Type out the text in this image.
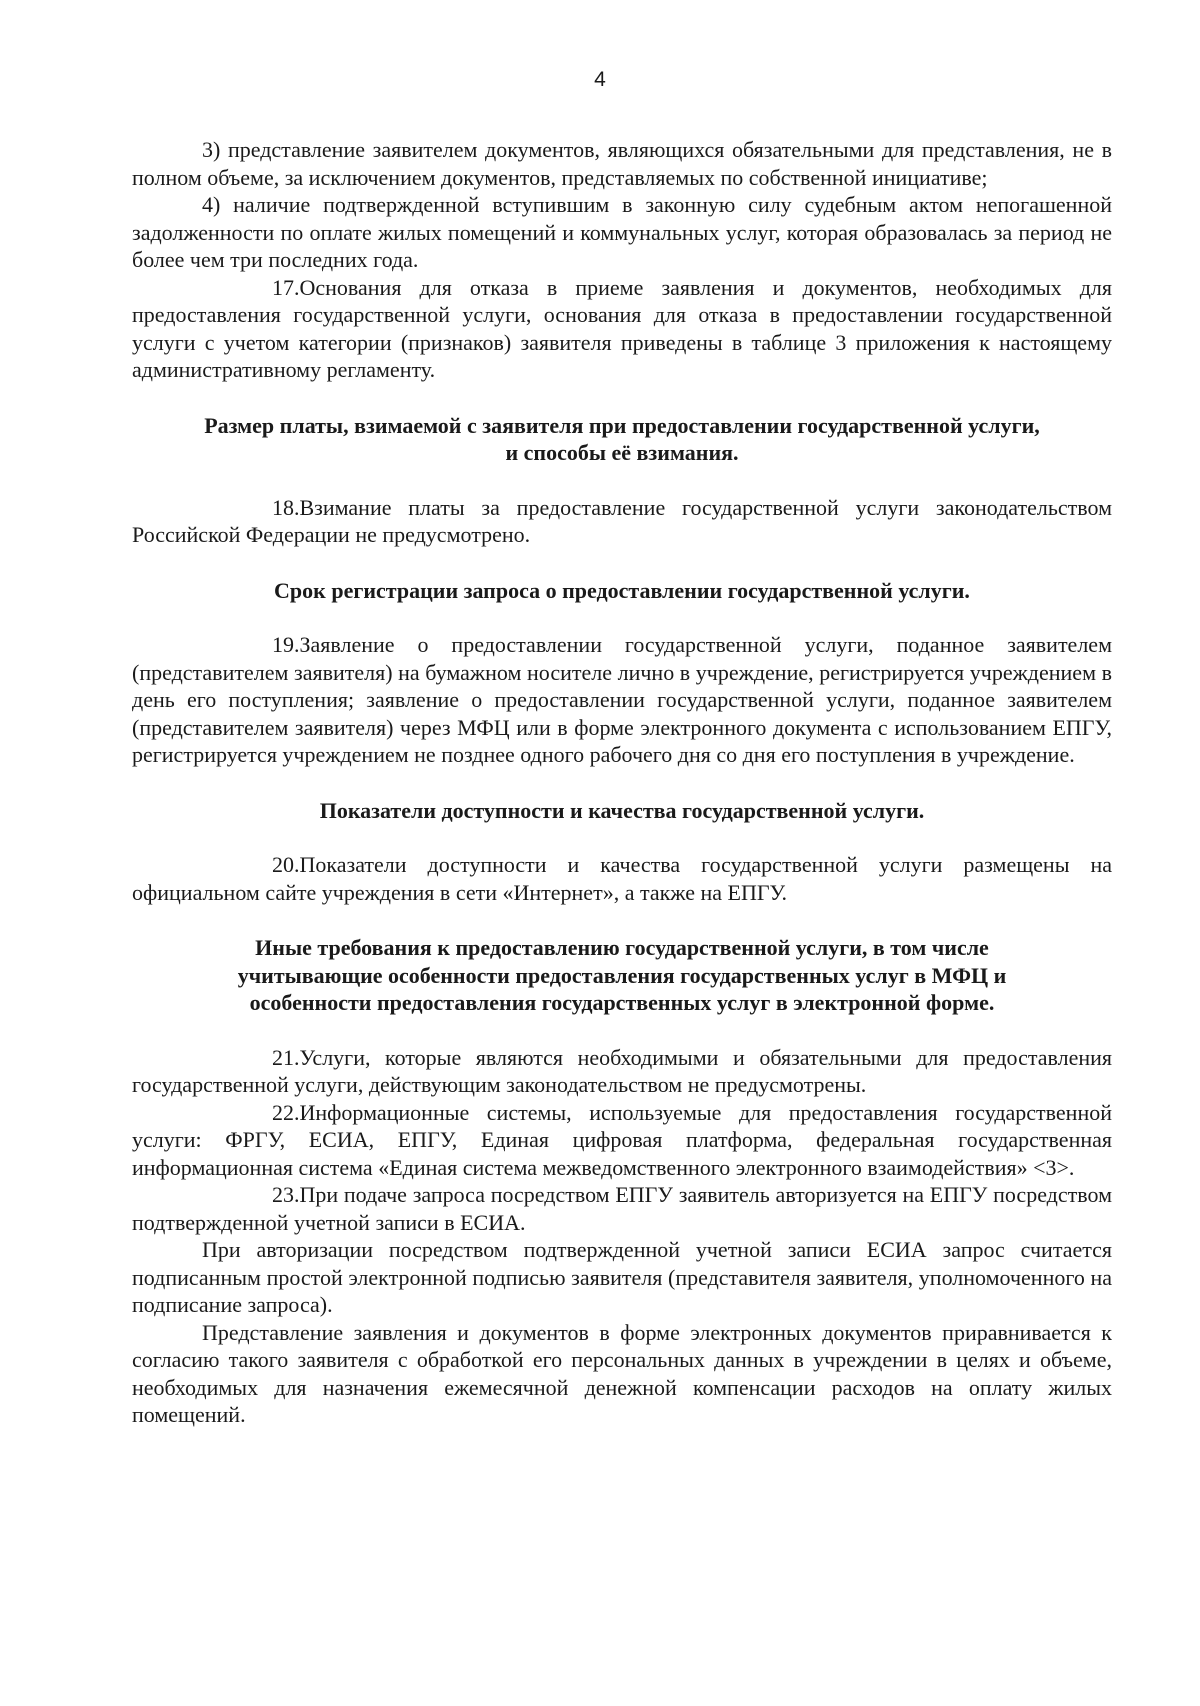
4

3) представление заявителем документов, являющихся обязательными для представления, не в полном объеме, за исключением документов, представляемых по собственной инициативе;

4) наличие подтвержденной вступившим в законную силу судебным актом непогашенной задолженности по оплате жилых помещений и коммунальных услуг, которая образовалась за период не более чем три последних года.

17.Основания для отказа в приеме заявления и документов, необходимых для предоставления государственной услуги, основания для отказа в предоставлении государственной услуги с учетом категории (признаков) заявителя приведены в таблице 3 приложения к настоящему административному регламенту.

Размер платы, взимаемой с заявителя при предоставлении государственной услуги, и способы её взимания.

18.Взимание платы за предоставление государственной услуги законодательством Российской Федерации не предусмотрено.

Срок регистрации запроса о предоставлении государственной услуги.

19.Заявление о предоставлении государственной услуги, поданное заявителем (представителем заявителя) на бумажном носителе лично в учреждение, регистрируется учреждением в день его поступления; заявление о предоставлении государственной услуги, поданное заявителем (представителем заявителя) через МФЦ или в форме электронного документа с использованием ЕПГУ, регистрируется учреждением не позднее одного рабочего дня со дня его поступления в учреждение.

Показатели доступности и качества государственной услуги.

20.Показатели доступности и качества государственной услуги размещены на официальном сайте учреждения в сети «Интернет», а также на ЕПГУ.

Иные требования к предоставлению государственной услуги, в том числе учитывающие особенности предоставления государственных услуг в МФЦ и особенности предоставления государственных услуг в электронной форме.

21.Услуги, которые являются необходимыми и обязательными для предоставления государственной услуги, действующим законодательством не предусмотрены.

22.Информационные системы, используемые для предоставления государственной услуги: ФРГУ, ЕСИА, ЕПГУ, Единая цифровая платформа, федеральная государственная информационная система «Единая система межведомственного электронного взаимодействия» <3>.

23.При подаче запроса посредством ЕПГУ заявитель авторизуется на ЕПГУ посредством подтвержденной учетной записи в ЕСИА.

При авторизации посредством подтвержденной учетной записи ЕСИА запрос считается подписанным простой электронной подписью заявителя (представителя заявителя, уполномоченного на подписание запроса).

Представление заявления и документов в форме электронных документов приравнивается к согласию такого заявителя с обработкой его персональных данных в учреждении в целях и объеме, необходимых для назначения ежемесячной денежной компенсации расходов на оплату жилых помещений.
